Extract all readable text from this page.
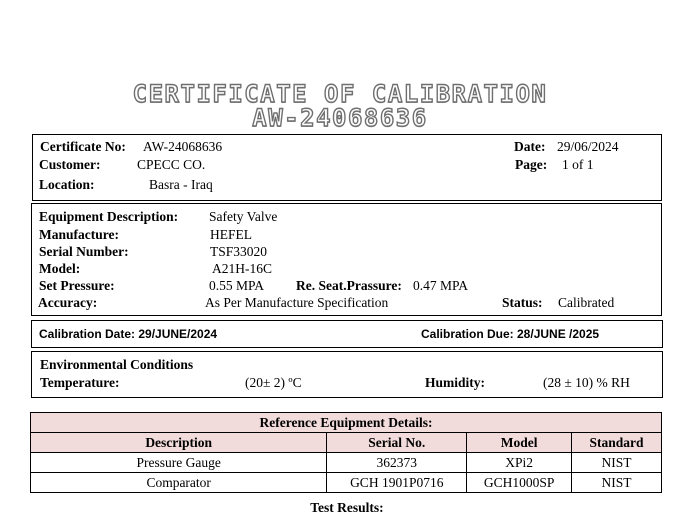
CERTIFICATE OF CALIBRATION
AW-24068636
Certificate No: AW-24068636
Customer:	CPECC CO.
Location:	Basra - Iraq
Date: 29/06/2024
Page: 1 of 1
Equipment Description: Safety Valve
Manufacture:	HEFEL
Serial Number:	TSF33020
Model:	A21H-16C
Set Pressure:	0.55 MPA Re. Seat.Prassure: 0.47 MPA
Accuracy:	As Per Manufacture Specification	Status: Calibrated
Calibration Date: 29/JUNE/2024	Calibration Due: 28/JUNE /2025
Environmental Conditions
Temperature:	(20± 2) ºC	Humidity:	(28 ± 10) % RH
Reference Equipment Details:			
Description	Serial No.	Model	Standard
Pressure Gauge	362373	XPi2	NIST
Comparator	GCH 1901P0716	GCH1000SP	NIST
Test Results:
